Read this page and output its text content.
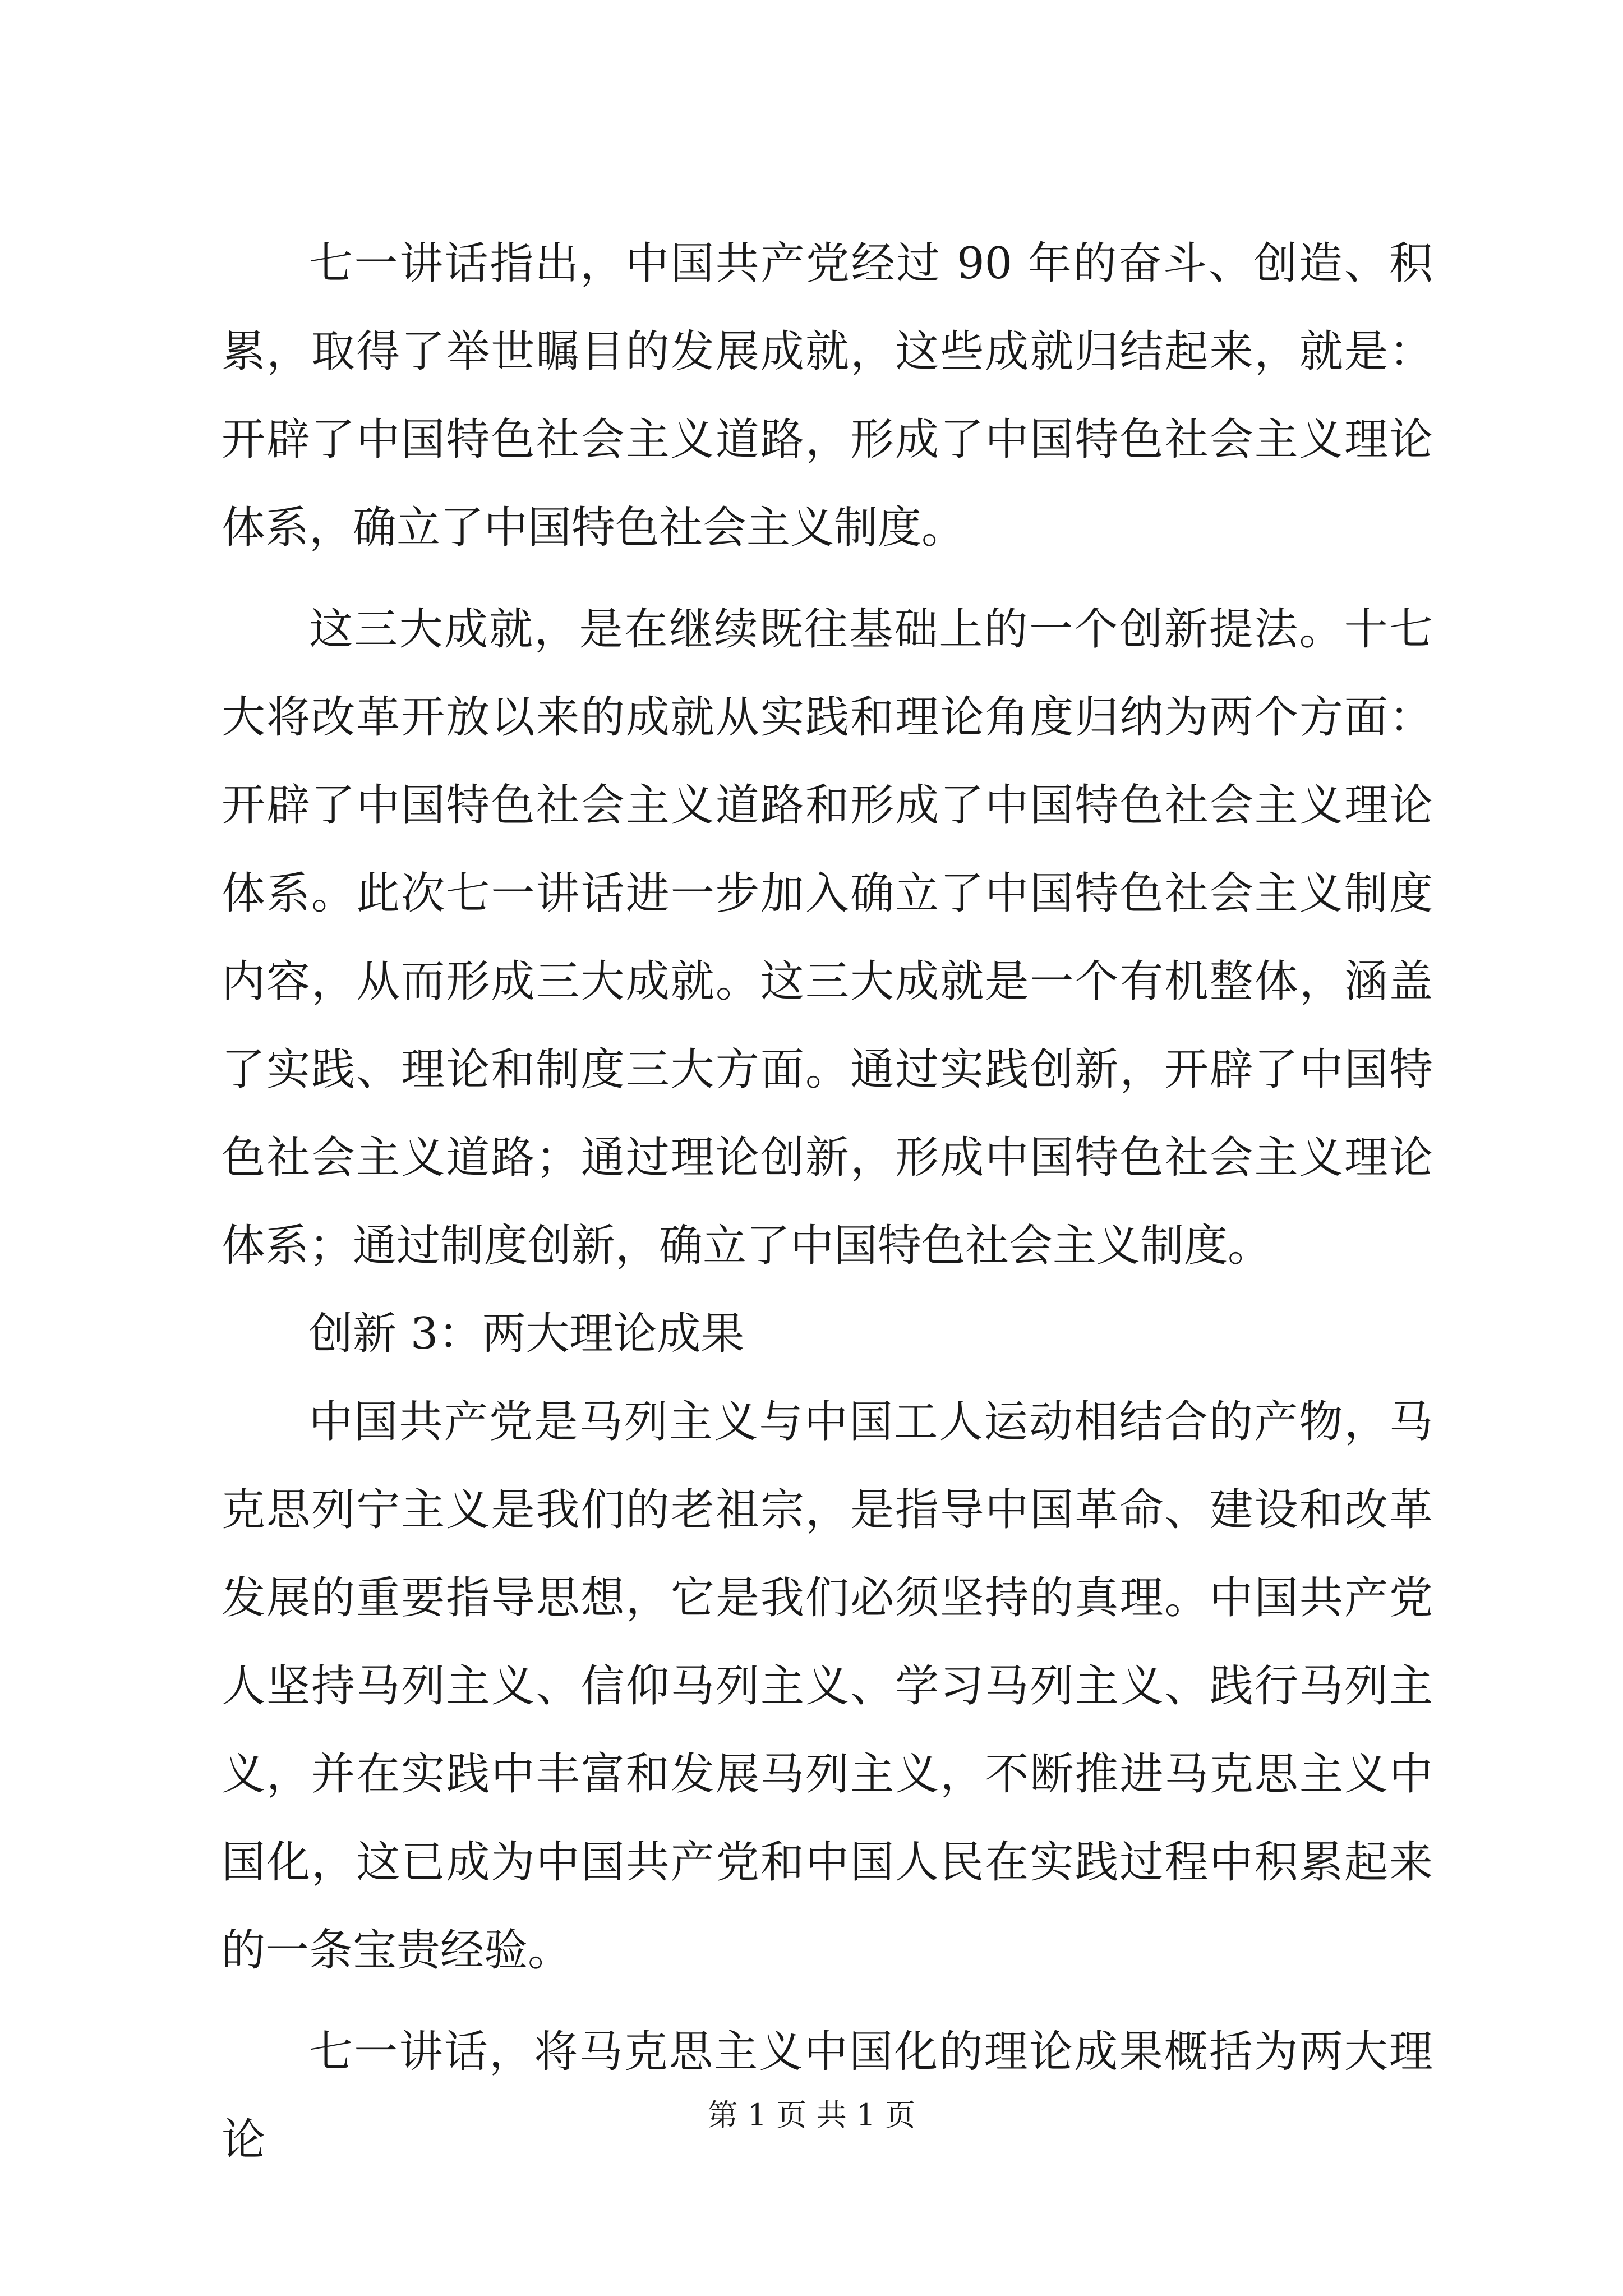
七一讲话指出，中国共产党经过 90 年的奋斗、创造、积累，取得了举世瞩目的发展成就，这些成就归结起来，就是：开辟了中国特色社会主义道路，形成了中国特色社会主义理论体系，确立了中国特色社会主义制度。

这三大成就，是在继续既往基础上的一个创新提法。十七大将改革开放以来的成就从实践和理论角度归纳为两个方面：开辟了中国特色社会主义道路和形成了中国特色社会主义理论体系。此次七一讲话进一步加入确立了中国特色社会主义制度内容，从而形成三大成就。这三大成就是一个有机整体，涵盖了实践、理论和制度三大方面。通过实践创新，开辟了中国特色社会主义道路；通过理论创新，形成中国特色社会主义理论体系；通过制度创新，确立了中国特色社会主义制度。

创新 3：两大理论成果

中国共产党是马列主义与中国工人运动相结合的产物，马克思列宁主义是我们的老祖宗，是指导中国革命、建设和改革发展的重要指导思想，它是我们必须坚持的真理。中国共产党人坚持马列主义、信仰马列主义、学习马列主义、践行马列主义，并在实践中丰富和发展马列主义，不断推进马克思主义中国化，这已成为中国共产党和中国人民在实践过程中积累起来的一条宝贵经验。

七一讲话，将马克思主义中国化的理论成果概括为两大理论	第 1 页 共 1 页
